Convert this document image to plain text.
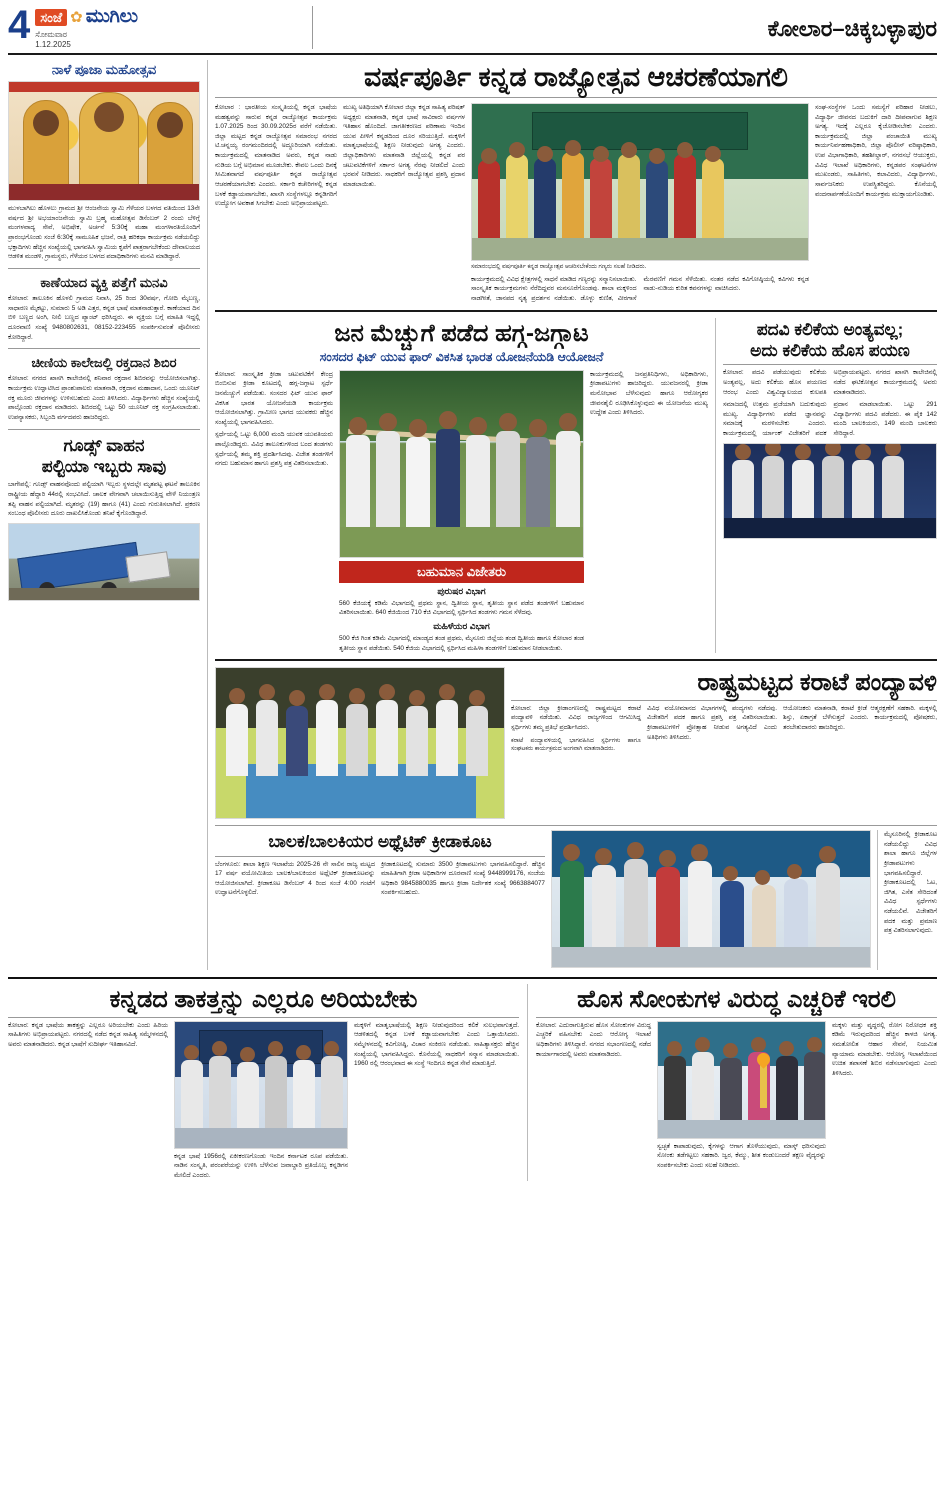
4 ಸಂಜೆ ✿ ಮುಗಿಲು
ಸೋಮವಾರ
1.12.2025
ಕೋಲಾರ–ಚಿಕ್ಕಬಳ್ಳಾಪುರ
ನಾಳೆ ಪೂಜಾ ಮಹೋತ್ಸವ
ಮುಳಬಾಗಿಲು ಹೊಳಲು ಗ್ರಾಮದ ಶ್ರೀ ಆಂಜನೇಯ ಸ್ವಾಮಿ ಗೆಳೆಯರ ಬಳಗದ ವತಿಯಿಂದ 13ನೇ ವರ್ಷದ ಶ್ರೀ ಅಭಯಾಂಜನೇಯ ಸ್ವಾಮಿ ಬ್ರಹ್ಮ ಮಹೋತ್ಸವ ಡಿಸೆಂಬರ್ 2 ರಂದು ಬೆಳಿಗ್ಗೆ ಮಂಗಳವಾದ್ಯ ಸೇವೆ, ಅಭಿಷೇಕ, ಅರ್ಚನೆ 5:30ಕ್ಕೆ ಮಹಾ ಮಂಗಳಾರತಿಯೊಂದಿಗೆ ಪ್ರಾರಂಭಗೊಂಡು ಸಂಜೆ 6:30ಕ್ಕೆ ಸಾಮೂಹಿಕ ಭಜನೆ, ರಾತ್ರಿ ಹರಿಕಥಾ ಕಾರ್ಯಕ್ರಮ ನಡೆಯಲಿದ್ದು ಭಕ್ತಾದಿಗಳು ಹೆಚ್ಚಿನ ಸಂಖ್ಯೆಯಲ್ಲಿ ಭಾಗವಹಿಸಿ ಸ್ವಾಮಿಯ ಕೃಪೆಗೆ ಪಾತ್ರರಾಗಬೇಕೆಂದು ದೇವಾಲಯದ ಆಡಳಿತ ಮಂಡಳಿ, ಗ್ರಾಮಸ್ಥರು, ಗೆಳೆಯರ ಬಳಗದ ಪದಾಧಿಕಾರಿಗಳು ಮನವಿ ಮಾಡಿದ್ದಾರೆ.
ಕಾಣೆಯಾದ ವ್ಯಕ್ತಿ ಪತ್ತೆಗೆ ಮನವಿ
ಕೋಲಾರ: ತಾಲೂಕಿನ ಹೊಳಲಿ ಗ್ರಾಮದ ನಿವಾಸಿ, 25 ರಿಂದ 30ವರ್ಷ, ಗೋದಿ ಮೈಬಣ್ಣ, ಸಾಧಾರಣ ಮೈಕಟ್ಟು, ಸುಮಾರು 5 ಅಡಿ ಎತ್ತರ, ಕನ್ನಡ ಭಾಷೆ ಮಾತನಾಡುತ್ತಾರೆ. ಕಾಣೆಯಾದ ದಿನ ಬಿಳಿ ಬಣ್ಣದ ಅಂಗಿ, ನೀಲಿ ಬಣ್ಣದ ಪ್ಯಾಂಟ್ ಧರಿಸಿದ್ದರು. ಈ ವ್ಯಕ್ತಿಯ ಬಗ್ಗೆ ಮಾಹಿತಿ ಇದ್ದಲ್ಲಿ ದೂರವಾಣಿ ಸಂಖ್ಯೆ 9480802631, 08152-223455 ಸಂಪರ್ಕಿಸುವಂತೆ ಪೊಲೀಸರು ಕೋರಿದ್ದಾರೆ.
ಚೀಣಿಯ ಕಾಲೇಜಲ್ಲಿ ರಕ್ತದಾನ ಶಿಬಿರ
ಕೋಲಾರ: ನಗರದ ಖಾಸಗಿ ಕಾಲೇಜಿನಲ್ಲಿ ಶನಿವಾರ ರಕ್ತದಾನ ಶಿಬಿರವನ್ನು ಆಯೋಜಿಸಲಾಗಿತ್ತು. ಕಾರ್ಯಕ್ರಮ ಉದ್ಘಾಟಿಸಿದ ಪ್ರಾಂಶುಪಾಲರು ಮಾತನಾಡಿ, ರಕ್ತದಾನ ಮಹಾದಾನ, ಒಂದು ಯೂನಿಟ್ ರಕ್ತ ಮೂರು ಜೀವಗಳನ್ನು ಉಳಿಸಬಹುದು ಎಂದು ತಿಳಿಸಿದರು. ವಿದ್ಯಾರ್ಥಿಗಳು ಹೆಚ್ಚಿನ ಸಂಖ್ಯೆಯಲ್ಲಿ ಪಾಲ್ಗೊಂಡು ರಕ್ತದಾನ ಮಾಡಿದರು. ಶಿಬಿರದಲ್ಲಿ ಒಟ್ಟು 50 ಯೂನಿಟ್ ರಕ್ತ ಸಂಗ್ರಹಿಸಲಾಯಿತು. ಉಪನ್ಯಾಸಕರು, ಸಿಬ್ಬಂದಿ ವರ್ಗದವರು ಹಾಜರಿದ್ದರು.
ಗೂಡ್ಸ್ ವಾಹನ
ಪಲ್ಟಿಯಾ ಇಬ್ಬರು ಸಾವು
ಬಾಗೇಪಲ್ಲಿ: ಗೂಡ್ಸ್ ವಾಹನವೊಂದು ಪಲ್ಟಿಯಾಗಿ ಇಬ್ಬರು ಸ್ಥಳದಲ್ಲೇ ಮೃತಪಟ್ಟ ಘಟನೆ ತಾಲೂಕಿನ ರಾಷ್ಟ್ರೀಯ ಹೆದ್ದಾರಿ 44ರಲ್ಲಿ ಸಂಭವಿಸಿದೆ. ಚಾಲಕ ವೇಗವಾಗಿ ಚಲಾಯಿಸುತ್ತಿದ್ದ ವೇಳೆ ನಿಯಂತ್ರಣ ತಪ್ಪಿ ವಾಹನ ಪಲ್ಟಿಯಾಗಿದೆ. ಮೃತರನ್ನು (19) ಹಾಗೂ (41) ಎಂದು ಗುರುತಿಸಲಾಗಿದೆ. ಪ್ರಕರಣ ಸಂಬಂಧ ಪೊಲೀಸರು ದೂರು ದಾಖಲಿಸಿಕೊಂಡು ತನಿಖೆ ಕೈಗೊಂಡಿದ್ದಾರೆ.
ವರ್ಷಪೂರ್ತಿ ಕನ್ನಡ ರಾಜ್ಯೋತ್ಸವ ಆಚರಣೆಯಾಗಲಿ
ಕೋಲಾರ : ಭಾರತೀಯ ಸಂಸ್ಕೃತಿಯಲ್ಲಿ ಕನ್ನಡ ಭಾಷೆಯ ಮಹತ್ವವನ್ನು ಸಾರುವ ಕನ್ನಡ ರಾಜ್ಯೋತ್ಸವ ಕಾರ್ಯಕ್ರಮ 1.07.2025 ರಿಂದ 30.09.2025ರ ವರೆಗೆ ನಡೆಯಿತು. ಜಿಲ್ಲಾ ಮಟ್ಟದ ಕನ್ನಡ ರಾಜ್ಯೋತ್ಸವ ಸಮಾರಂಭ ನಗರದ ಟಿ.ಚನ್ನಯ್ಯ ರಂಗಮಂದಿರದಲ್ಲಿ ಅದ್ದೂರಿಯಾಗಿ ನಡೆಯಿತು. ಕಾರ್ಯಕ್ರಮದಲ್ಲಿ ಮಾತನಾಡಿದ ಅವರು, ಕನ್ನಡ ನಾಡು ನುಡಿಯ ಬಗ್ಗೆ ಅಭಿಮಾನ ಮೂಡಬೇಕು. ಕೇವಲ ಒಂದು ದಿನಕ್ಕೆ ಸೀಮಿತವಾಗದೆ ವರ್ಷಪೂರ್ತಿ ಕನ್ನಡ ರಾಜ್ಯೋತ್ಸವ ಆಚರಣೆಯಾಗಬೇಕು ಎಂದರು. ಸರ್ಕಾರಿ ಕಚೇರಿಗಳಲ್ಲಿ ಕನ್ನಡ ಬಳಕೆ ಕಡ್ಡಾಯವಾಗಬೇಕು, ಖಾಸಗಿ ಸಂಸ್ಥೆಗಳಲ್ಲೂ ಕನ್ನಡಿಗರಿಗೆ ಉದ್ಯೋಗ ಅವಕಾಶ ಸಿಗಬೇಕು ಎಂದು ಅಭಿಪ್ರಾಯಪಟ್ಟರು.
ಮುಖ್ಯ ಅತಿಥಿಯಾಗಿ ಕೋಲಾರ ಜಿಲ್ಲಾ ಕನ್ನಡ ಸಾಹಿತ್ಯ ಪರಿಷತ್ ಅಧ್ಯಕ್ಷರು ಮಾತನಾಡಿ, ಕನ್ನಡ ಭಾಷೆ ಸಾವಿರಾರು ವರ್ಷಗಳ ಇತಿಹಾಸ ಹೊಂದಿದೆ. ಜಾಗತೀಕರಣದ ಪರಿಣಾಮ ಇಂದಿನ ಯುವ ಪೀಳಿಗೆ ಕನ್ನಡದಿಂದ ದೂರ ಸರಿಯುತ್ತಿದೆ. ಮಕ್ಕಳಿಗೆ ಮಾತೃಭಾಷೆಯಲ್ಲಿ ಶಿಕ್ಷಣ ನೀಡುವುದು ಅಗತ್ಯ ಎಂದರು. ಜಿಲ್ಲಾಧಿಕಾರಿಗಳು ಮಾತನಾಡಿ ಜಿಲ್ಲೆಯಲ್ಲಿ ಕನ್ನಡ ಪರ ಚಟುವಟಿಕೆಗಳಿಗೆ ಸರ್ಕಾರ ಅಗತ್ಯ ನೆರವು ನೀಡಲಿದೆ ಎಂದು ಭರವಸೆ ನೀಡಿದರು. ಸಾಧಕರಿಗೆ ರಾಜ್ಯೋತ್ಸವ ಪ್ರಶಸ್ತಿ ಪ್ರದಾನ ಮಾಡಲಾಯಿತು.
ಸಮಾರಂಭದಲ್ಲಿ ವರ್ಷಪೂರ್ತಿ ಕನ್ನಡ ರಾಜ್ಯೋತ್ಸವ ಆಚರಿಸಬೇಕೆಂದು ಗಣ್ಯರು ಸಲಹೆ ನೀಡಿದರು.
ಕಾರ್ಯಕ್ರಮದಲ್ಲಿ ವಿವಿಧ ಕ್ಷೇತ್ರಗಳಲ್ಲಿ ಸಾಧನೆ ಮಾಡಿದ ಗಣ್ಯರನ್ನು ಸನ್ಮಾನಿಸಲಾಯಿತು. ಸಾಂಸ್ಕೃತಿಕ ಕಾರ್ಯಕ್ರಮಗಳು ನೆರೆದಿದ್ದವರ ಮನಸೂರೆಗೊಂಡವು. ಶಾಲಾ ಮಕ್ಕಳಿಂದ ನಾಡಗೀತೆ, ಜಾನಪದ ನೃತ್ಯ ಪ್ರದರ್ಶನ ನಡೆಯಿತು. ಡೊಳ್ಳು ಕುಣಿತ, ವೀರಗಾಸೆ ಮೆರವಣಿಗೆ ಗಮನ ಸೆಳೆಯಿತು. ನಂತರ ನಡೆದ ಕವಿಗೋಷ್ಠಿಯಲ್ಲಿ ಕವಿಗಳು ಕನ್ನಡ ನಾಡು-ನುಡಿಯ ಕುರಿತ ಕವನಗಳನ್ನು ವಾಚಿಸಿದರು.
ಸಂಘ-ಸಂಸ್ಥೆಗಳ ಒಂದು ಸಮಸ್ಯೆಗೆ ಪರಿಹಾರ ನೀಡಲು, ವಿದ್ಯಾರ್ಥಿ ಜೀವನದ ಬದುಕಿಗೆ ದಾರಿ ದೀಪವಾಗುವ ಶಿಕ್ಷಣ ಅಗತ್ಯ. ಇದಕ್ಕೆ ಎಲ್ಲರೂ ಕೈಜೋಡಿಸಬೇಕು ಎಂದರು. ಕಾರ್ಯಕ್ರಮದಲ್ಲಿ ಜಿಲ್ಲಾ ಪಂಚಾಯಿತಿ ಮುಖ್ಯ ಕಾರ್ಯನಿರ್ವಹಣಾಧಿಕಾರಿ, ಜಿಲ್ಲಾ ಪೊಲೀಸ್ ವರಿಷ್ಠಾಧಿಕಾರಿ, ಉಪ ವಿಭಾಗಾಧಿಕಾರಿ, ತಹಶೀಲ್ದಾರ್, ನಗರಸಭೆ ಆಯುಕ್ತರು, ವಿವಿಧ ಇಲಾಖೆ ಅಧಿಕಾರಿಗಳು, ಕನ್ನಡಪರ ಸಂಘಟನೆಗಳ ಮುಖಂಡರು, ಸಾಹಿತಿಗಳು, ಕಲಾವಿದರು, ವಿದ್ಯಾರ್ಥಿಗಳು, ಸಾರ್ವಜನಿಕರು ಉಪಸ್ಥಿತರಿದ್ದರು. ಕೊನೆಯಲ್ಲಿ ವಂದನಾರ್ಪಣೆಯೊಂದಿಗೆ ಕಾರ್ಯಕ್ರಮ ಮುಕ್ತಾಯಗೊಂಡಿತು.
ಜನ ಮೆಚ್ಚುಗೆ ಪಡೆದ ಹಗ್ಗ-ಜಗ್ಗಾಟ
ಸಂಸದರ ಫಿಟ್ ಯುವ ಫಾರ್ ವಿಕಸಿತ ಭಾರತ ಯೋಜನೆಯಡಿ ಆಯೋಜನೆ
ಕೋಲಾರ: ಸಾಂಸ್ಕೃತಿಕ ಕ್ರೀಡಾ ಚಟುವಟಿಕೆಗೆ ಕೇಂದ್ರ ಬಿಂಬಿಸುವ ಕ್ರೀಡಾ ಕೂಟದಲ್ಲಿ ಹಗ್ಗ-ಜಗ್ಗಾಟ ಸ್ಪರ್ಧೆ ಜನಮೆಚ್ಚುಗೆ ಪಡೆಯಿತು. ಸಂಸದರ ಫಿಟ್ ಯುವ ಫಾರ್ ವಿಕಸಿತ ಭಾರತ ಯೋಜನೆಯಡಿ ಕಾರ್ಯಕ್ರಮ ಆಯೋಜಿಸಲಾಗಿತ್ತು. ಗ್ರಾಮೀಣ ಭಾಗದ ಯುವಕರು ಹೆಚ್ಚಿನ ಸಂಖ್ಯೆಯಲ್ಲಿ ಭಾಗವಹಿಸಿದರು.
ಸ್ಪರ್ಧೆಯಲ್ಲಿ ಒಟ್ಟು 6,000 ಮಂದಿ ಯುವಕ ಯುವತಿಯರು ಪಾಲ್ಗೊಂಡಿದ್ದರು. ವಿವಿಧ ತಾಲೂಕುಗಳಿಂದ ಬಂದ ತಂಡಗಳು ಸ್ಪರ್ಧೆಯಲ್ಲಿ ತಮ್ಮ ಶಕ್ತಿ ಪ್ರದರ್ಶಿಸಿದವು. ವಿಜೇತ ತಂಡಗಳಿಗೆ ನಗದು ಬಹುಮಾನ ಹಾಗೂ ಪ್ರಶಸ್ತಿ ಪತ್ರ ವಿತರಿಸಲಾಯಿತು.
ಬಹುಮಾನ ವಿಜೇತರು
ಪುರುಷರ ವಿಭಾಗ
560 ಕೆಜಿಯಕ್ಕೆ ಕಡಿಮೆ ವಿಭಾಗದಲ್ಲಿ ಪ್ರಥಮ ಸ್ಥಾನ, ದ್ವಿತೀಯ ಸ್ಥಾನ, ತೃತೀಯ ಸ್ಥಾನ ಪಡೆದ ತಂಡಗಳಿಗೆ ಬಹುಮಾನ ವಿತರಿಸಲಾಯಿತು. 640 ಕೆಜಿಯಿಂದ 710 ಕೆಜಿ ವಿಭಾಗದಲ್ಲಿ ಸ್ಪರ್ಧಿಸಿದ ತಂಡಗಳು ಗಮನ ಸೆಳೆದವು.
ಮಹಿಳೆಯರ ವಿಭಾಗ
500 ಕೆಜಿ ಗಿಂತ ಕಡಿಮೆ ವಿಭಾಗದಲ್ಲಿ ಮಾಂಡ್ಯದ ತಂಡ ಪ್ರಥಮ, ಮೈಸೂರು ಜಿಲ್ಲೆಯ ತಂಡ ದ್ವಿತೀಯ ಹಾಗೂ ಕೋಲಾರ ತಂಡ ತೃತೀಯ ಸ್ಥಾನ ಪಡೆಯಿತು. 540 ಕೆಜಿಯ ವಿಭಾಗದಲ್ಲಿ ಸ್ಪರ್ಧಿಸಿದ ಮಹಿಳಾ ತಂಡಗಳಿಗೆ ಬಹುಮಾನ ನೀಡಲಾಯಿತು.
ಕಾರ್ಯಕ್ರಮದಲ್ಲಿ ಜನಪ್ರತಿನಿಧಿಗಳು, ಅಧಿಕಾರಿಗಳು, ಕ್ರೀಡಾಪಟುಗಳು ಹಾಜರಿದ್ದರು. ಯುವಜನರಲ್ಲಿ ಕ್ರೀಡಾ ಮನೋಭಾವ ಬೆಳೆಸುವುದು ಹಾಗೂ ಆರೋಗ್ಯಕರ ಜೀವನಶೈಲಿ ರೂಢಿಸಿಕೊಳ್ಳುವುದು ಈ ಯೋಜನೆಯ ಮುಖ್ಯ ಉದ್ದೇಶ ಎಂದು ತಿಳಿಸಿದರು.
ಪದವಿ ಕಲಿಕೆಯ ಅಂತ್ಯವಲ್ಲ;
ಅದು ಕಲಿಕೆಯ ಹೊಸ ಪಯಣ
ಕೋಲಾರ: ಪದವಿ ಪಡೆಯುವುದು ಕಲಿಕೆಯ ಅಂತ್ಯವಲ್ಲ, ಅದು ಕಲಿಕೆಯ ಹೊಸ ಪಯಣದ ಆರಂಭ ಎಂದು ವಿಶ್ವವಿದ್ಯಾಲಯದ ಕುಲಪತಿ ಅಭಿಪ್ರಾಯಪಟ್ಟರು. ನಗರದ ಖಾಸಗಿ ಕಾಲೇಜಿನಲ್ಲಿ ನಡೆದ ಘಟಿಕೋತ್ಸವ ಕಾರ್ಯಕ್ರಮದಲ್ಲಿ ಅವರು ಮಾತನಾಡಿದರು.
ಸಮಾಜದಲ್ಲಿ ಉತ್ತಮ ಪ್ರಜೆಯಾಗಿ ಬದುಕುವುದು ಮುಖ್ಯ. ವಿದ್ಯಾರ್ಥಿಗಳು ಪಡೆದ ಜ್ಞಾನವನ್ನು ಸಮಾಜಕ್ಕೆ ಮರಳಿಸಬೇಕು ಎಂದರು. ಕಾರ್ಯಕ್ರಮದಲ್ಲಿ ರ್ಯಾಂಕ್ ವಿಜೇತರಿಗೆ ಪದಕ ಪ್ರದಾನ ಮಾಡಲಾಯಿತು. ಒಟ್ಟು 291 ವಿದ್ಯಾರ್ಥಿಗಳು ಪದವಿ ಪಡೆದರು. ಈ ಪೈಕಿ 142 ಮಂದಿ ಬಾಲಕಿಯರು, 149 ಮಂದಿ ಬಾಲಕರು ಸೇರಿದ್ದಾರೆ.
ರಾಷ್ಟ್ರಮಟ್ಟದ ಕರಾಟೆ ಪಂದ್ಯಾವಳಿ
ಕೋಲಾರ: ಜಿಲ್ಲಾ ಕ್ರೀಡಾಂಗಣದಲ್ಲಿ ರಾಷ್ಟ್ರಮಟ್ಟದ ಕರಾಟೆ ಪಂದ್ಯಾವಳಿ ನಡೆಯಿತು. ವಿವಿಧ ರಾಜ್ಯಗಳಿಂದ ಆಗಮಿಸಿದ್ದ ಸ್ಪರ್ಧಿಗಳು ತಮ್ಮ ಪ್ರತಿಭೆ ಪ್ರದರ್ಶಿಸಿದರು.
ಕರಾಟೆ ಪಂದ್ಯಾವಳಿಯಲ್ಲಿ ಭಾಗವಹಿಸಿದ ಸ್ಪರ್ಧಿಗಳು ಹಾಗೂ ಸಂಘಟಕರು ಕಾರ್ಯಕ್ರಮದ ಅಂಗವಾಗಿ ಮಾತನಾಡಿದರು.
ವಿವಿಧ ವಯೋಮಾನದ ವಿಭಾಗಗಳಲ್ಲಿ ಪಂದ್ಯಗಳು ನಡೆದವು. ವಿಜೇತರಿಗೆ ಪದಕ ಹಾಗೂ ಪ್ರಶಸ್ತಿ ಪತ್ರ ವಿತರಿಸಲಾಯಿತು. ಕ್ರೀಡಾಪಟುಗಳಿಗೆ ಪ್ರೋತ್ಸಾಹ ನೀಡುವ ಅಗತ್ಯವಿದೆ ಎಂದು ಅತಿಥಿಗಳು ತಿಳಿಸಿದರು.
ಆಯೋಜಕರು ಮಾತನಾಡಿ, ಕರಾಟೆ ಕ್ರೀಡೆ ಆತ್ಮರಕ್ಷಣೆಗೆ ಸಹಕಾರಿ. ಮಕ್ಕಳಲ್ಲಿ ಶಿಸ್ತು, ಏಕಾಗ್ರತೆ ಬೆಳೆಸುತ್ತದೆ ಎಂದರು. ಕಾರ್ಯಕ್ರಮದಲ್ಲಿ ಪೋಷಕರು, ತರಬೇತುದಾರರು ಹಾಜರಿದ್ದರು.
ಬಾಲಕ/ಬಾಲಕಿಯರ ಅಥ್ಲೆಟಿಕ್ ಕ್ರೀಡಾಕೂಟ
ಬೆಂಗಳೂರು: ಶಾಲಾ ಶಿಕ್ಷಣ ಇಲಾಖೆಯ 2025-26 ನೇ ಸಾಲಿನ ರಾಜ್ಯ ಮಟ್ಟದ 17 ವರ್ಷ ವಯೋಮಿತಿಯ ಬಾಲಕ/ಬಾಲಕಿಯರ ಅಥ್ಲೆಟಿಕ್ ಕ್ರೀಡಾಕೂಟವನ್ನು ಆಯೋಜಿಸಲಾಗಿದೆ. ಕ್ರೀಡಾಕೂಟ ಡಿಸೆಂಬರ್ 4 ರಿಂದ ಸಂಜೆ 4:00 ಗಂಟೆಗೆ ಉದ್ಘಾಟನೆಗೊಳ್ಳಲಿದೆ.
ಕ್ರೀಡಾಕೂಟದಲ್ಲಿ ಸುಮಾರು 3500 ಕ್ರೀಡಾಪಟುಗಳು ಭಾಗವಹಿಸಲಿದ್ದಾರೆ. ಹೆಚ್ಚಿನ ಮಾಹಿತಿಗಾಗಿ ಕ್ರೀಡಾ ಅಧಿಕಾರಿಗಳ ದೂರವಾಣಿ ಸಂಖ್ಯೆ 9448999176, ಸಂಜೆಯ ಅಧಿಕಾರಿ 9845880035 ಹಾಗೂ ಕ್ರೀಡಾ ನಿರ್ದೇಶಕ ಸಂಖ್ಯೆ 9663884077 ಸಂಪರ್ಕಿಸಬಹುದು.
ಮೈಸೂರಿನಲ್ಲಿ ಕ್ರೀಡಾಕೂಟ ನಡೆಯಲಿದ್ದು ವಿವಿಧ ಶಾಲಾ ಹಾಗೂ ಜಿಲ್ಲೆಗಳ ಕ್ರೀಡಾಪಟುಗಳು ಭಾಗವಹಿಸಲಿದ್ದಾರೆ. ಕ್ರೀಡಾಕೂಟದಲ್ಲಿ ಓಟ, ಜಿಗಿತ, ಎಸೆತ ಸೇರಿದಂತೆ ವಿವಿಧ ಸ್ಪರ್ಧೆಗಳು ನಡೆಯಲಿವೆ. ವಿಜೇತರಿಗೆ ಪದಕ ಮತ್ತು ಪ್ರಮಾಣ ಪತ್ರ ವಿತರಿಸಲಾಗುವುದು.
ಕನ್ನಡದ ತಾಕತ್ತನ್ನು ಎಲ್ಲರೂ ಅರಿಯಬೇಕು
ಕೋಲಾರ: ಕನ್ನಡ ಭಾಷೆಯ ತಾಕತ್ತನ್ನು ಎಲ್ಲರೂ ಅರಿಯಬೇಕು ಎಂದು ಹಿರಿಯ ಸಾಹಿತಿಗಳು ಅಭಿಪ್ರಾಯಪಟ್ಟರು. ನಗರದಲ್ಲಿ ನಡೆದ ಕನ್ನಡ ಸಾಹಿತ್ಯ ಸಮ್ಮೇಳನದಲ್ಲಿ ಅವರು ಮಾತನಾಡಿದರು. ಕನ್ನಡ ಭಾಷೆಗೆ ಸುದೀರ್ಘ ಇತಿಹಾಸವಿದೆ.
ಕನ್ನಡ ಭಾಷೆ 1956ರಲ್ಲಿ ಏಕೀಕರಣಗೊಂಡು ಇಂದಿನ ಕರ್ನಾಟಕ ರೂಪ ಪಡೆಯಿತು. ನಾಡಿನ ಸಂಸ್ಕೃತಿ, ಪರಂಪರೆಯನ್ನು ಉಳಿಸಿ ಬೆಳೆಸುವ ಜವಾಬ್ದಾರಿ ಪ್ರತಿಯೊಬ್ಬ ಕನ್ನಡಿಗನ ಮೇಲಿದೆ ಎಂದರು.
ಮಕ್ಕಳಿಗೆ ಮಾತೃಭಾಷೆಯಲ್ಲಿ ಶಿಕ್ಷಣ ನೀಡುವುದರಿಂದ ಕಲಿಕೆ ಸುಲಭವಾಗುತ್ತದೆ. ಆಡಳಿತದಲ್ಲಿ ಕನ್ನಡ ಬಳಕೆ ಕಡ್ಡಾಯವಾಗಬೇಕು ಎಂದು ಒತ್ತಾಯಿಸಿದರು. ಸಮ್ಮೇಳನದಲ್ಲಿ ಕವಿಗೋಷ್ಠಿ, ವಿಚಾರ ಸಂಕಿರಣ ನಡೆಯಿತು. ಸಾಹಿತ್ಯಾಸಕ್ತರು ಹೆಚ್ಚಿನ ಸಂಖ್ಯೆಯಲ್ಲಿ ಭಾಗವಹಿಸಿದ್ದರು. ಕೊನೆಯಲ್ಲಿ ಸಾಧಕರಿಗೆ ಸನ್ಮಾನ ಮಾಡಲಾಯಿತು. 1960 ರಲ್ಲಿ ಆರಂಭವಾದ ಈ ಸಂಸ್ಥೆ ಇಂದಿಗೂ ಕನ್ನಡ ಸೇವೆ ಮಾಡುತ್ತಿದೆ.
ಹೊಸ ಸೋಂಕುಗಳ ವಿರುದ್ಧ ಎಚ್ಚರಿಕೆ ಇರಲಿ
ಕೋಲಾರ: ಎದುರಾಗುತ್ತಿರುವ ಹೊಸ ಸೋಂಕುಗಳ ವಿರುದ್ಧ ಎಚ್ಚರಿಕೆ ವಹಿಸಬೇಕು ಎಂದು ಆರೋಗ್ಯ ಇಲಾಖೆ ಅಧಿಕಾರಿಗಳು ತಿಳಿಸಿದ್ದಾರೆ. ನಗರದ ಸಭಾಂಗಣದಲ್ಲಿ ನಡೆದ ಕಾರ್ಯಾಗಾರದಲ್ಲಿ ಅವರು ಮಾತನಾಡಿದರು.
ಸ್ವಚ್ಛತೆ ಕಾಪಾಡುವುದು, ಕೈಗಳನ್ನು ಆಗಾಗ ತೊಳೆಯುವುದು, ಮಾಸ್ಕ್ ಧರಿಸುವುದು ಸೋಂಕು ತಡೆಗಟ್ಟಲು ಸಹಕಾರಿ. ಜ್ವರ, ಕೆಮ್ಮು, ಶೀತ ಕಂಡುಬಂದರೆ ತಕ್ಷಣ ವೈದ್ಯರನ್ನು ಸಂಪರ್ಕಿಸಬೇಕು ಎಂದು ಸಲಹೆ ನೀಡಿದರು.
ಮಕ್ಕಳು ಮತ್ತು ವೃದ್ಧರಲ್ಲಿ ರೋಗ ನಿರೋಧಕ ಶಕ್ತಿ ಕಡಿಮೆ ಇರುವುದರಿಂದ ಹೆಚ್ಚಿನ ಕಾಳಜಿ ಅಗತ್ಯ. ಸಮತೋಲಿತ ಆಹಾರ ಸೇವನೆ, ನಿಯಮಿತ ವ್ಯಾಯಾಮ ಮಾಡಬೇಕು. ಆರೋಗ್ಯ ಇಲಾಖೆಯಿಂದ ಉಚಿತ ತಪಾಸಣೆ ಶಿಬಿರ ನಡೆಸಲಾಗುವುದು ಎಂದು ತಿಳಿಸಿದರು.
